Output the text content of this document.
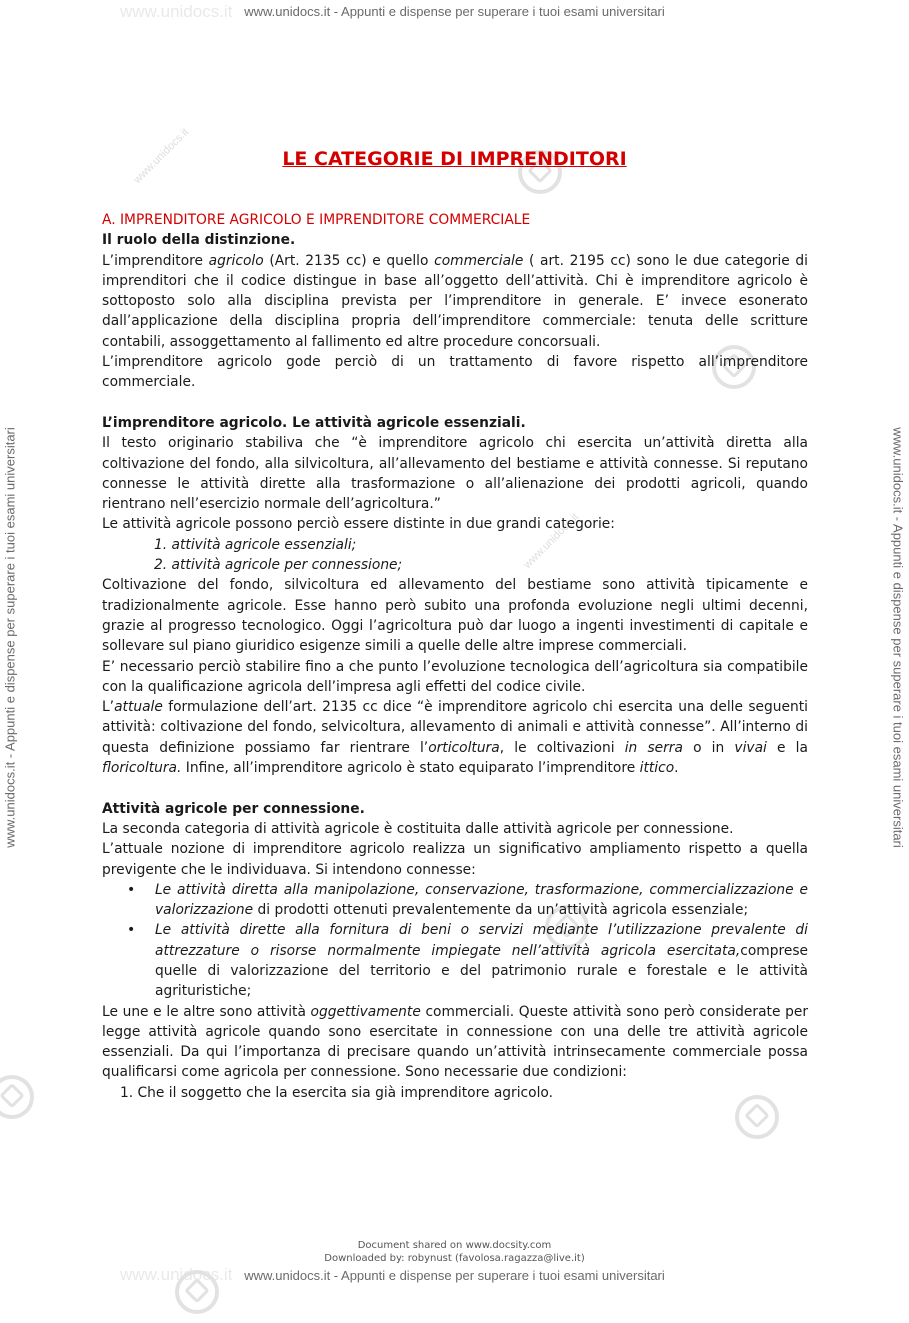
www.unidocs.it
www.unidocs.it
www.unidocs.it
www.unidocs.it
www.unidocs.it - Appunti e dispense per superare i tuoi esami universitari
www.unidocs.it - Appunti e dispense per superare i tuoi esami universitari	www.unidocs.it - Appunti e dispense per superare i tuoi esami universitari
LE CATEGORIE DI IMPRENDITORI

A. IMPRENDITORE AGRICOLO E IMPRENDITORE COMMERCIALE

Il ruolo della distinzione.

L’imprenditore agricolo (Art. 2135 cc) e quello commerciale ( art. 2195 cc) sono le due categorie di imprenditori che il codice distingue in base all’oggetto dell’attività. Chi è imprenditore agricolo è sottoposto solo alla disciplina prevista per l’imprenditore in generale. E’ invece esonerato dall’applicazione della disciplina propria dell’imprenditore commerciale: tenuta delle scritture contabili, assoggettamento al fallimento ed altre procedure concorsuali.

L’imprenditore agricolo gode perciò di un trattamento di favore rispetto all’imprenditore commerciale.

L’imprenditore agricolo. Le attività agricole essenziali.

Il testo originario stabiliva che “è imprenditore agricolo chi esercita un’attività diretta alla coltivazione del fondo, alla silvicoltura, all’allevamento del bestiame e attività connesse. Si reputano connesse le attività dirette alla trasformazione o all’alienazione dei prodotti agricoli, quando rientrano nell’esercizio normale dell’agricoltura.”

Le attività agricole possono perciò essere distinte in due grandi categorie:

1. attività agricole essenziali;
2. attività agricole per connessione;

Coltivazione del fondo, silvicoltura ed allevamento del bestiame sono attività tipicamente e tradizionalmente agricole. Esse hanno però subito una profonda evoluzione negli ultimi decenni, grazie al progresso tecnologico. Oggi l’agricoltura può dar luogo a ingenti investimenti di capitale e sollevare sul piano giuridico esigenze simili a quelle delle altre imprese commerciali.

E’ necessario perciò stabilire fino a che punto l’evoluzione tecnologica dell’agricoltura sia compatibile con la qualificazione agricola dell’impresa agli effetti del codice civile.

L’attuale formulazione dell’art. 2135 cc dice “è imprenditore agricolo chi esercita una delle seguenti attività: coltivazione del fondo, selvicoltura, allevamento di animali e attività connesse”. All’interno di questa definizione possiamo far rientrare l’orticoltura, le coltivazioni in serra o in vivai e la floricoltura. Infine, all’imprenditore agricolo è stato equiparato l’imprenditore ittico.

Attività agricole per connessione.

La seconda categoria di attività agricole è costituita dalle attività agricole per connessione.

L’attuale nozione di imprenditore agricolo realizza un significativo ampliamento rispetto a quella previgente che le individuava. Si intendono connesse:

• Le attività diretta alla manipolazione, conservazione, trasformazione, commercializzazione e valorizzazione di prodotti ottenuti prevalentemente da un’attività agricola essenziale;
• Le attività dirette alla fornitura di beni o servizi mediante l’utilizzazione prevalente di attrezzature o risorse normalmente impiegate nell’attività agricola esercitata,comprese quelle di valorizzazione del territorio e del patrimonio rurale e forestale e le attività agrituristiche;

Le une e le altre sono attività oggettivamente commerciali. Queste attività sono però considerate per legge attività agricole quando sono esercitate in connessione con una delle tre attività agricole essenziali. Da qui l’importanza di precisare quando un’attività intrinsecamente commerciale possa qualificarsi come agricola per connessione. Sono necessarie due condizioni:

1. Che il soggetto che la esercita sia già imprenditore agricolo.
Document shared on www.docsity.com
Downloaded by: robynust (favolosa.ragazza@live.it)
www.unidocs.it - Appunti e dispense per superare i tuoi esami universitari
